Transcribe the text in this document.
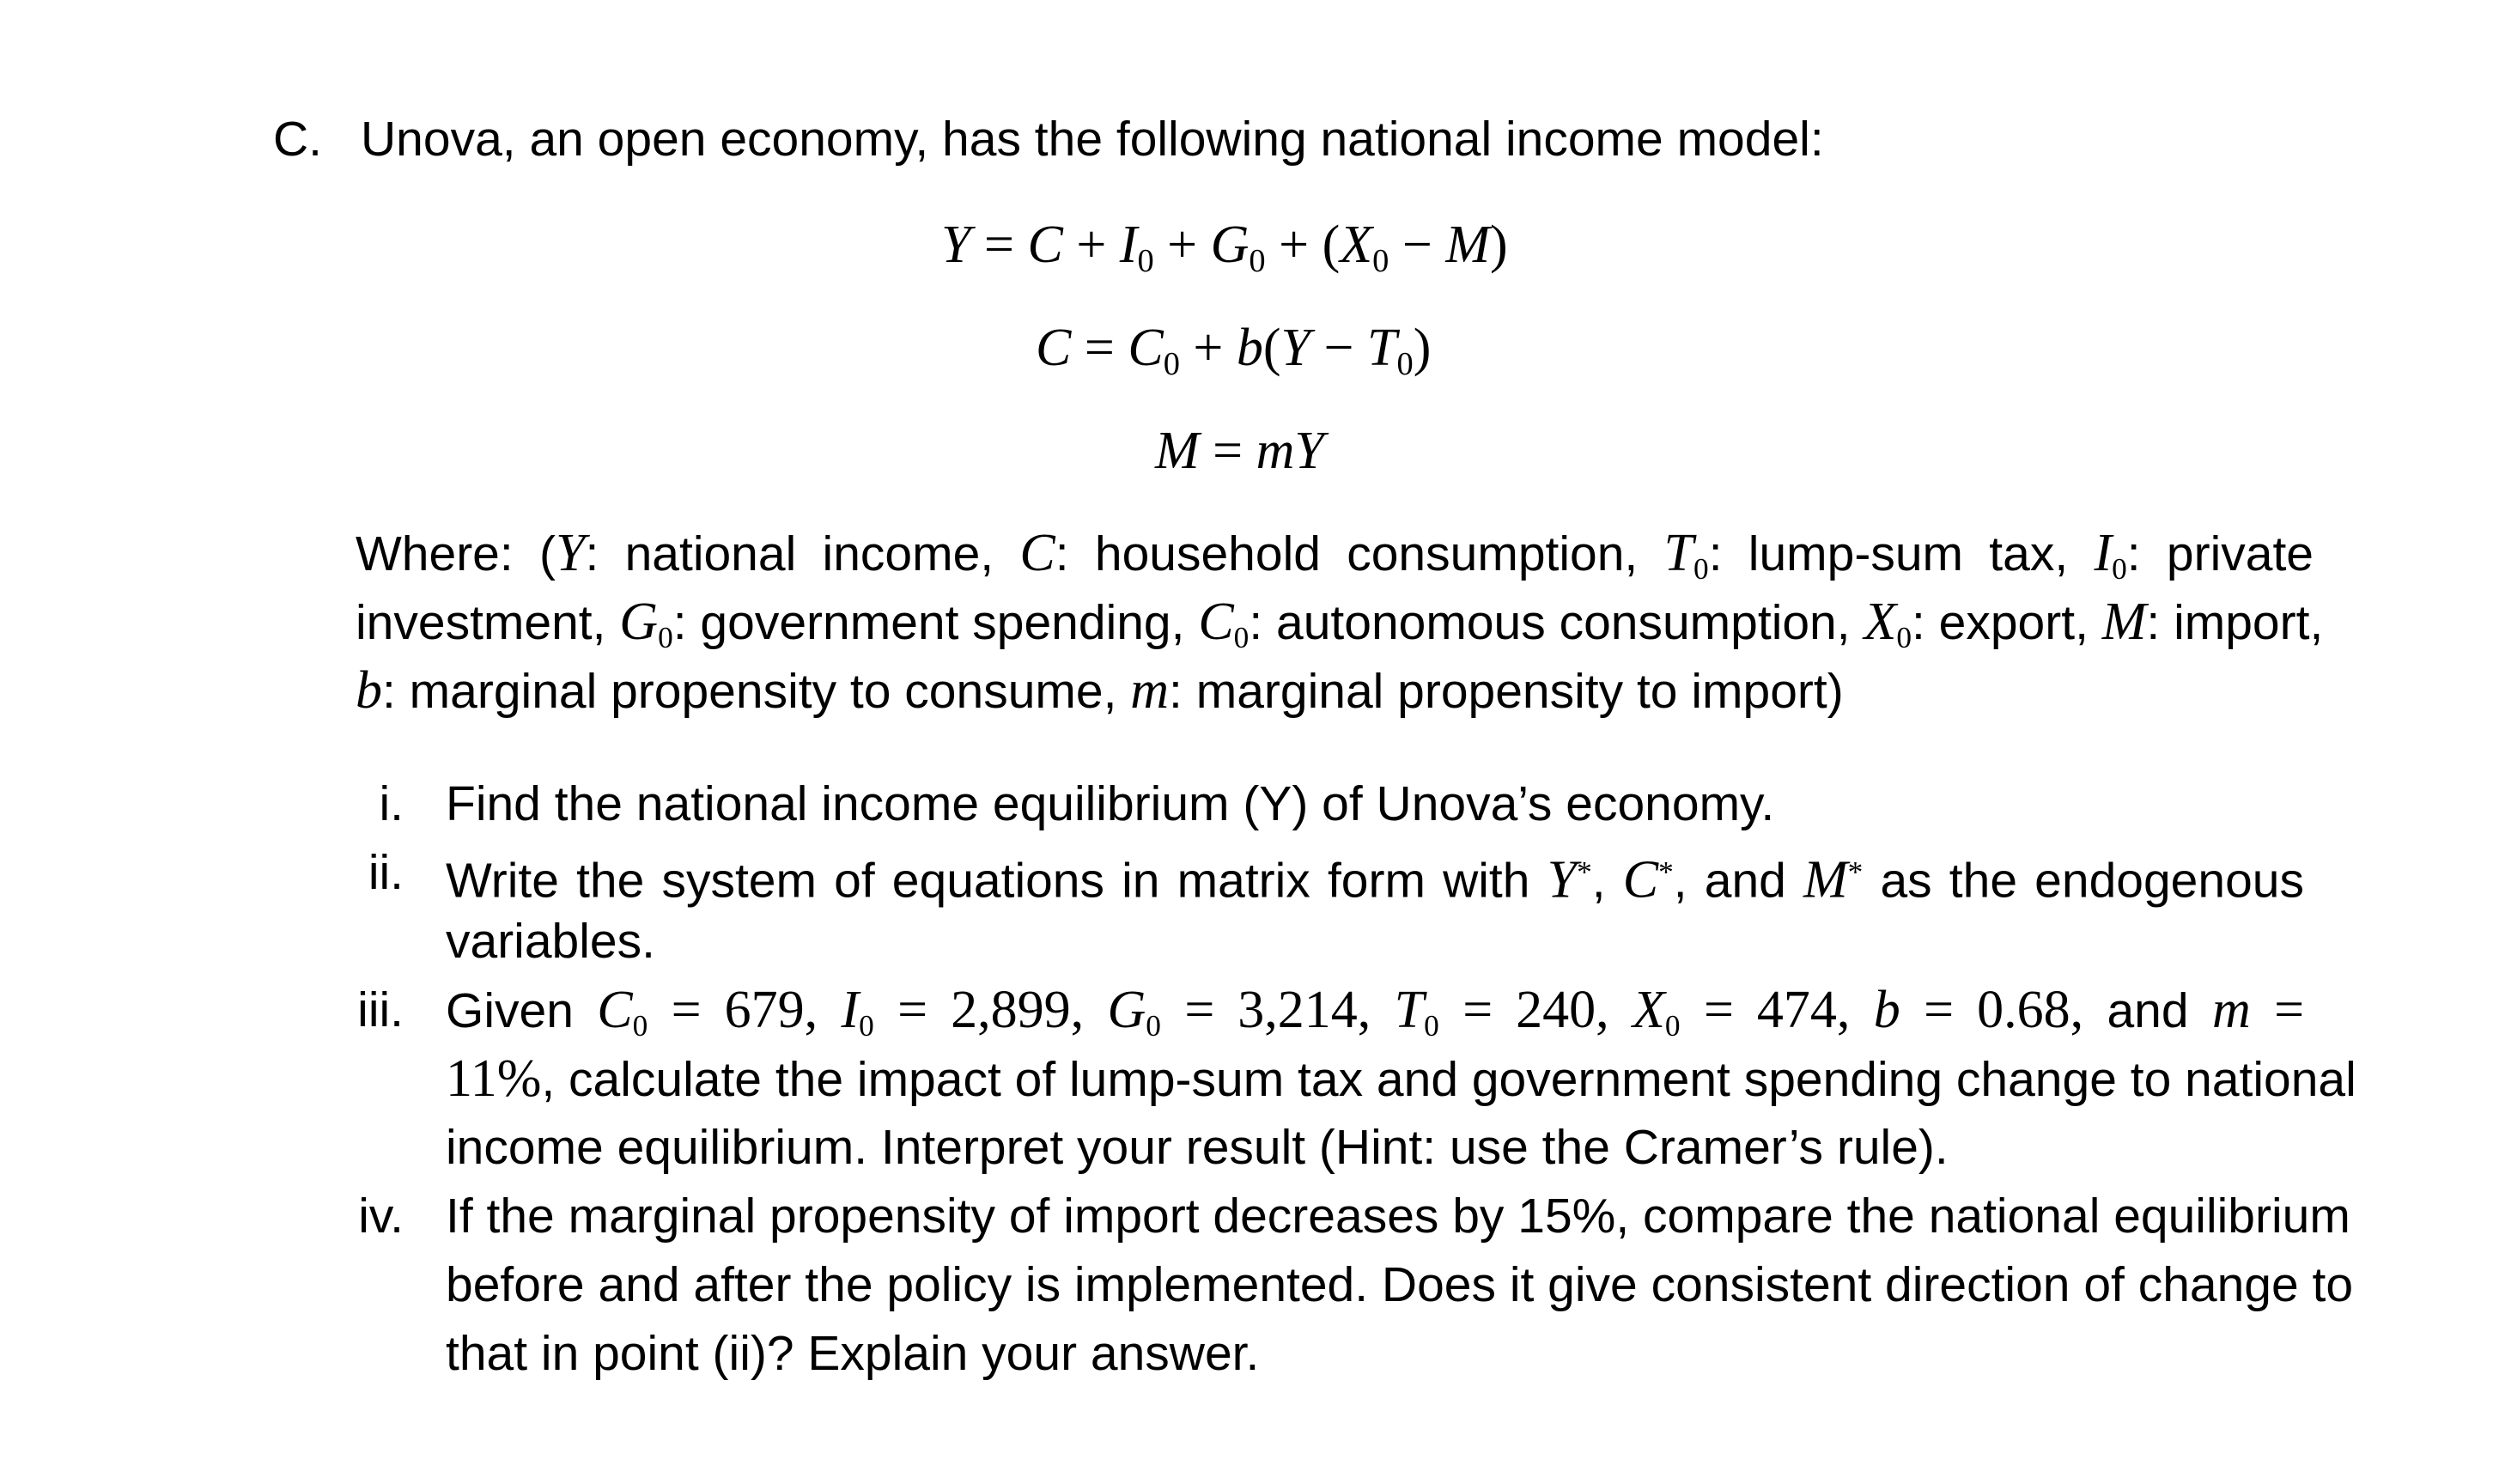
C. Unova, an open economy, has the following national income model:
$Y = C + I_0 + G_0 + (X_0 - M)$
$C = C_0 + b(Y - T_0)$
M = mY
Where: (Y: national income, C: household consumption, $T_0$: lump-sum tax, $I_0$: private
investment, $G_0$: government spending, $C_0$: autonomous consumption, $X_0$: export, M: import,
b: marginal propensity to consume, m: marginal propensity to import)
i. Find the national income equilibrium (Y) of Unova’s economy.
ii. Write the system of equations in matrix form with Y*, C*, and M* as the endogenous
variables.
iii. Given $C_0 = 679$, $I_0 = 2,899$, $G_0 = 3,214$, $T_0 = 240$, $X_0 = 474$, b = 0.68, and m =
11%, calculate the impact of lump-sum tax and government spending change to national
income equilibrium. Interpret your result (Hint: use the Cramer’s rule).
iv. If the marginal propensity of import decreases by 15%, compare the national equilibrium
before and after the policy is implemented. Does it give consistent direction of change to
that in point (ii)? Explain your answer.
